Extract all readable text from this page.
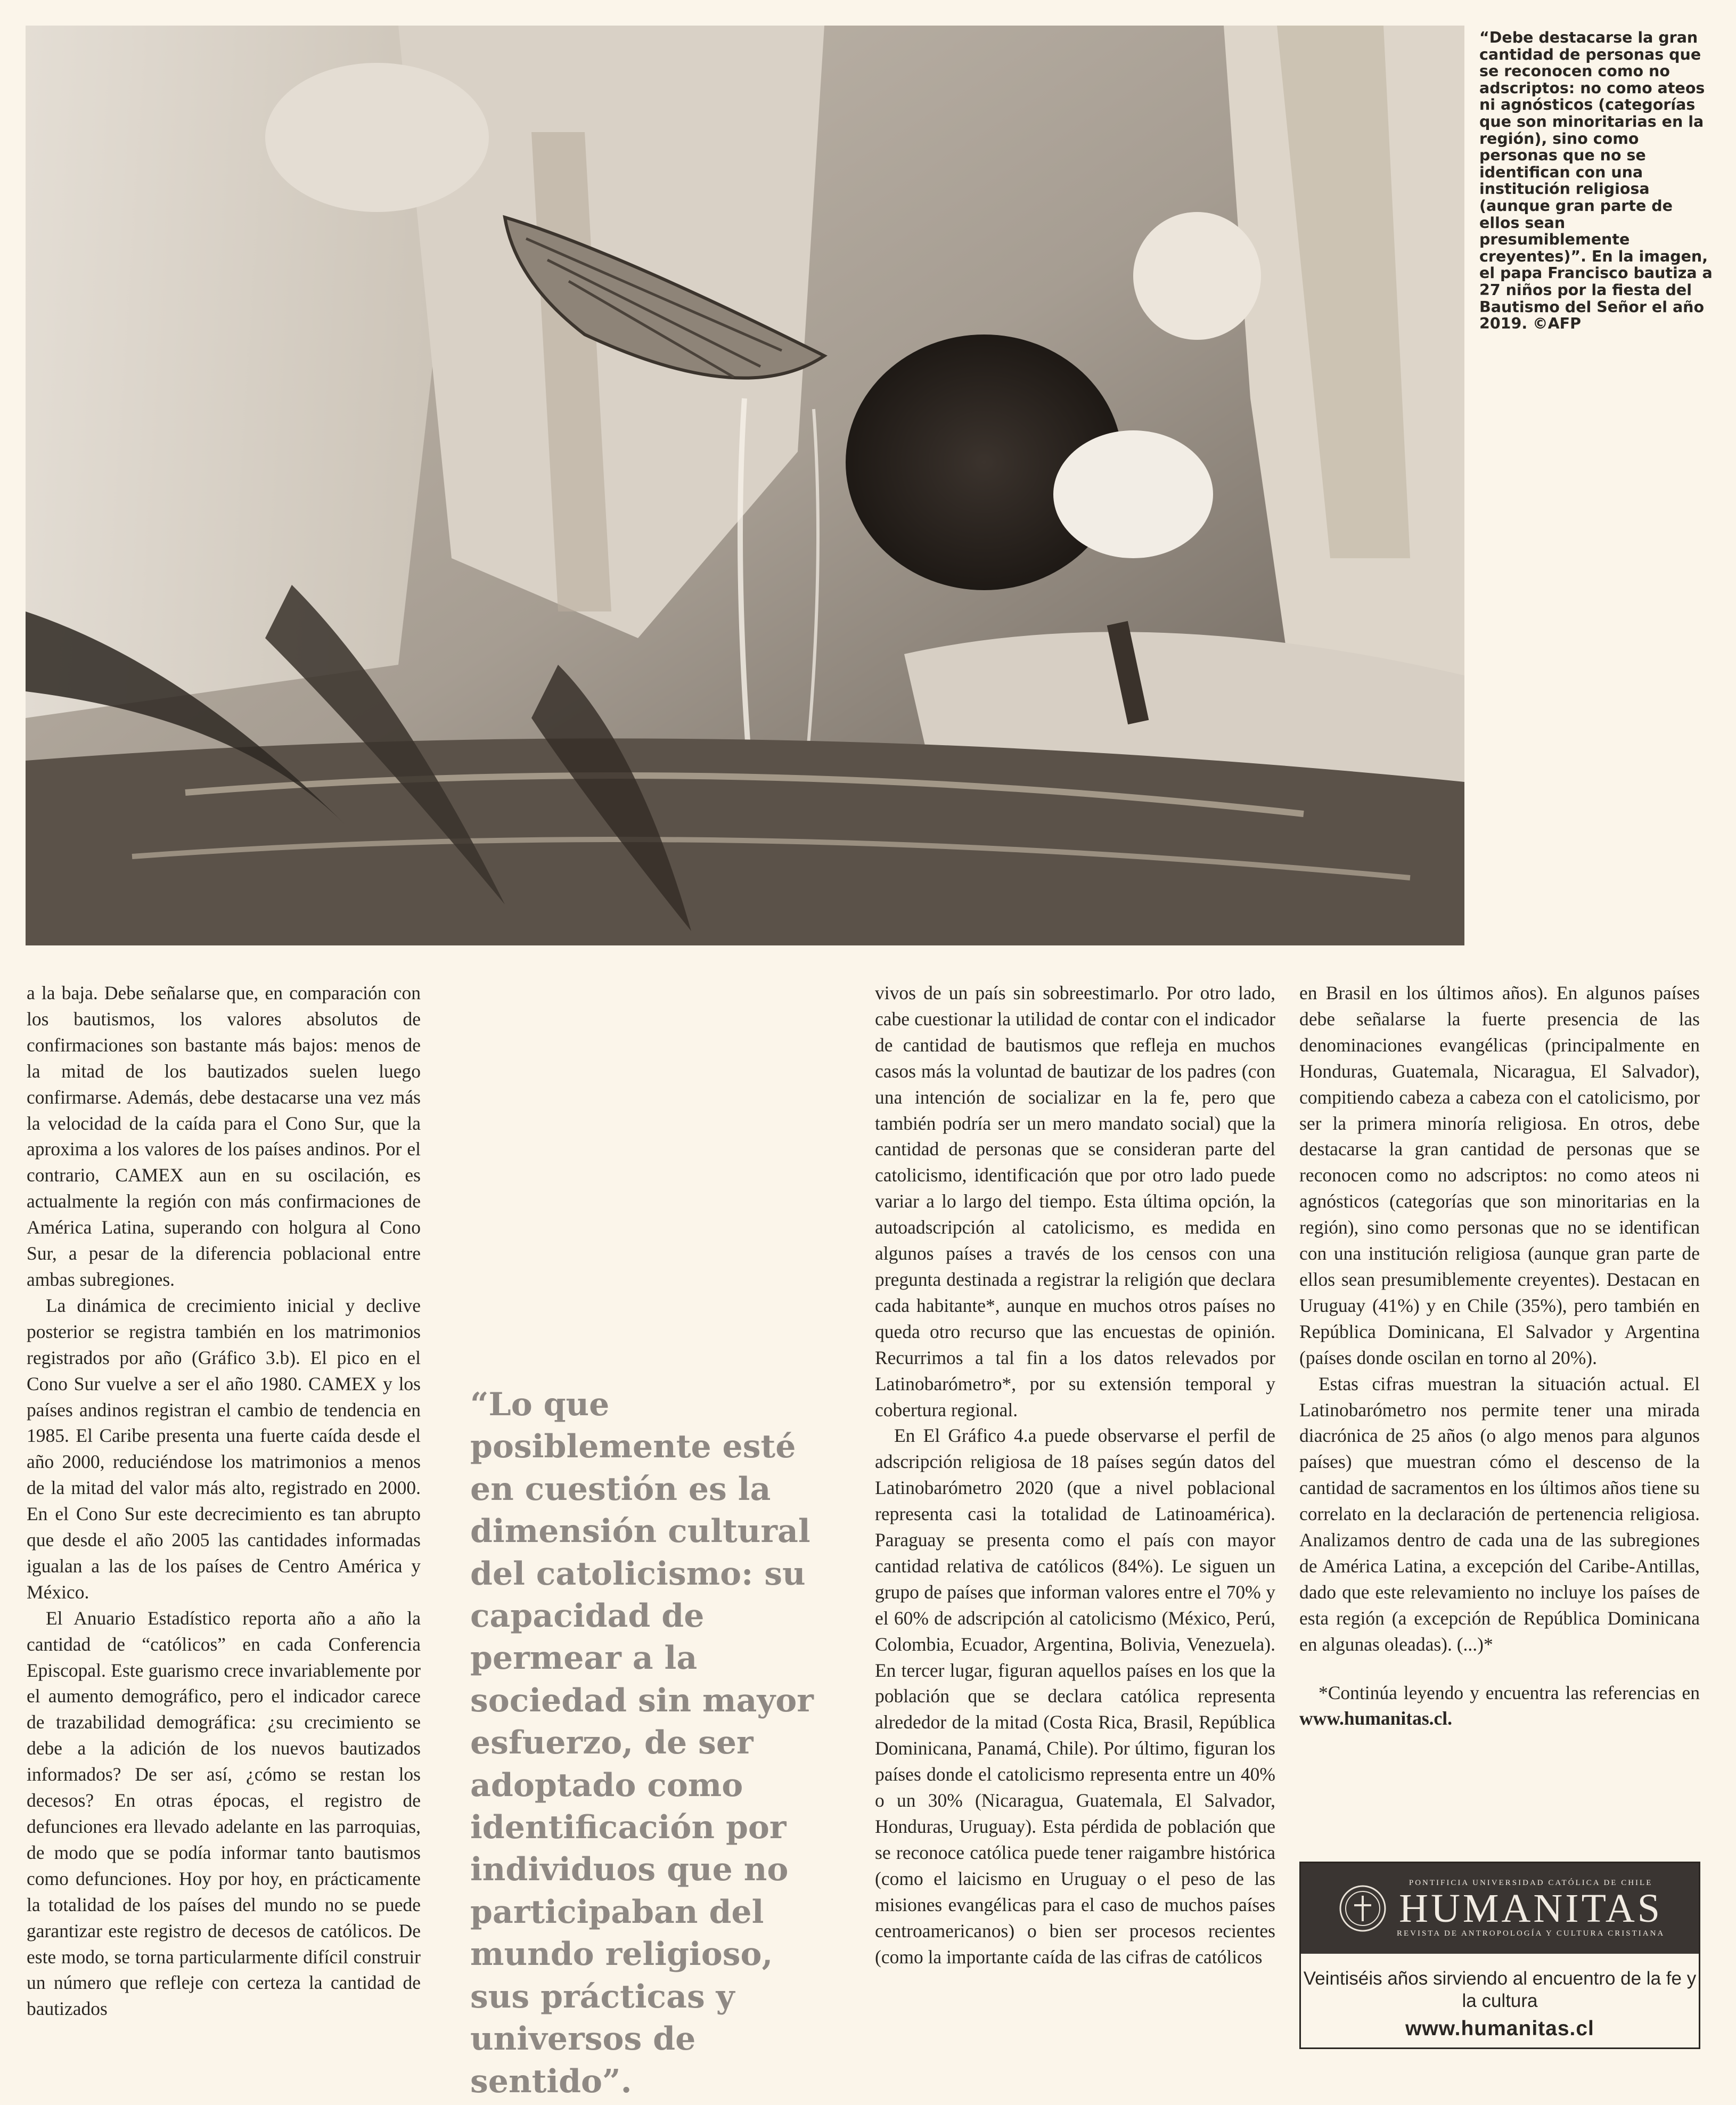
“Debe destacarse la gran cantidad de personas que se reconocen como no adscriptos: no como ateos ni agnósticos (categorías que son minoritarias en la región), sino como personas que no se identifican con una institución religiosa (aunque gran parte de ellos sean presumiblemente creyentes)”. En la imagen, el papa Francisco bautiza a 27 niños por la fiesta del Bautismo del Señor el año 2019. ©AFP

a la baja. Debe señalarse que, en comparación con los bautismos, los valores absolutos de confirmaciones son bastante más bajos: menos de la mitad de los bautizados suelen luego confirmarse. Además, debe destacarse una vez más la velocidad de la caída para el Cono Sur, que la aproxima a los valores de los países andinos. Por el contrario, CAMEX aun en su oscilación, es actualmente la región con más confirmaciones de América Latina, superando con holgura al Cono Sur, a pesar de la diferencia poblacional entre ambas subregiones.

La dinámica de crecimiento inicial y declive posterior se registra también en los matrimonios registrados por año (Gráfico 3.b). El pico en el Cono Sur vuelve a ser el año 1980. CAMEX y los países andinos registran el cambio de tendencia en 1985. El Caribe presenta una fuerte caída desde el año 2000, reduciéndose los matrimonios a menos de la mitad del valor más alto, registrado en 2000. En el Cono Sur este decrecimiento es tan abrupto que desde el año 2005 las cantidades informadas igualan a las de los países de Centro América y México.

El Anuario Estadístico reporta año a año la cantidad de “católicos” en cada Conferencia Episcopal. Este guarismo crece invariablemente por el aumento demográfico, pero el indicador carece de trazabilidad demográfica: ¿su crecimiento se debe a la adición de los nuevos bautizados informados? De ser así, ¿cómo se restan los decesos? En otras épocas, el registro de defunciones era llevado adelante en las parroquias, de modo que se podía informar tanto bautismos como defunciones. Hoy por hoy, en prácticamente la totalidad de los países del mundo no se puede garantizar este registro de decesos de católicos. De este modo, se torna particularmente difícil construir un número que refleje con certeza la cantidad de bautizados

“Lo que posiblemente esté en cuestión es la dimensión cultural del catolicismo: su capacidad de permear a la sociedad sin mayor esfuerzo, de ser adoptado como identificación por individuos que no participaban del mundo religioso, sus prácticas y universos de sentido”.

vivos de un país sin sobreestimarlo. Por otro lado, cabe cuestionar la utilidad de contar con el indicador de cantidad de bautismos que refleja en muchos casos más la voluntad de bautizar de los padres (con una intención de socializar en la fe, pero que también podría ser un mero mandato social) que la cantidad de personas que se consideran parte del catolicismo, identificación que por otro lado puede variar a lo largo del tiempo. Esta última opción, la autoadscripción al catolicismo, es medida en algunos países a través de los censos con una pregunta destinada a registrar la religión que declara cada habitante*, aunque en muchos otros países no queda otro recurso que las encuestas de opinión. Recurrimos a tal fin a los datos relevados por Latinobarómetro*, por su extensión temporal y cobertura regional.

En El Gráfico 4.a puede observarse el perfil de adscripción religiosa de 18 países según datos del Latinobarómetro 2020 (que a nivel poblacional representa casi la totalidad de Latinoamérica). Paraguay se presenta como el país con mayor cantidad relativa de católicos (84%). Le siguen un grupo de países que informan valores entre el 70% y el 60% de adscripción al catolicismo (México, Perú, Colombia, Ecuador, Argentina, Bolivia, Venezuela). En tercer lugar, figuran aquellos países en los que la población que se declara católica representa alrededor de la mitad (Costa Rica, Brasil, República Dominicana, Panamá, Chile). Por último, figuran los países donde el catolicismo representa entre un 40% o un 30% (Nicaragua, Guatemala, El Salvador, Honduras, Uruguay). Esta pérdida de población que se reconoce católica puede tener raigambre histórica (como el laicismo en Uruguay o el peso de las misiones evangélicas para el caso de muchos países centroamericanos) o bien ser procesos recientes (como la importante caída de las cifras de católicos

en Brasil en los últimos años). En algunos países debe señalarse la fuerte presencia de las denominaciones evangélicas (principalmente en Honduras, Guatemala, Nicaragua, El Salvador), compitiendo cabeza a cabeza con el catolicismo, por ser la primera minoría religiosa. En otros, debe destacarse la gran cantidad de personas que se reconocen como no adscriptos: no como ateos ni agnósticos (categorías que son minoritarias en la región), sino como personas que no se identifican con una institución religiosa (aunque gran parte de ellos sean presumiblemente creyentes). Destacan en Uruguay (41%) y en Chile (35%), pero también en República Dominicana, El Salvador y Argentina (países donde oscilan en torno al 20%).

Estas cifras muestran la situación actual. El Latinobarómetro nos permite tener una mirada diacrónica de 25 años (o algo menos para algunos países) que muestran cómo el descenso de la cantidad de sacramentos en los últimos años tiene su correlato en la declaración de pertenencia religiosa. Analizamos dentro de cada una de las subregiones de América Latina, a excepción del Caribe-Antillas, dado que este relevamiento no incluye los países de esta región (a excepción de República Dominicana en algunas oleadas). (...)*

*Continúa leyendo y encuentra las referencias en www.humanitas.cl.

PONTIFICIA UNIVERSIDAD CATÓLICA DE CHILE
HUMANITAS
REVISTA DE ANTROPOLOGÍA Y CULTURA CRISTIANA
Veintiséis años sirviendo al encuentro de la fe y la cultura
www.humanitas.cl
